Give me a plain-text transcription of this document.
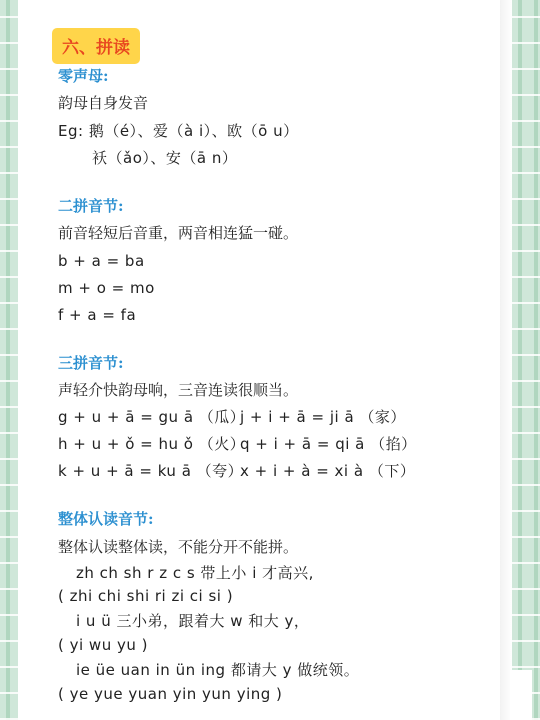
六、拼读
零声母:
韵母自身发音
Eg: 鹅（é）、爱（à i）、欧（ō u）
袄（ǎo）、安（ā n）
二拼音节:
前音轻短后音重，两音相连猛一碰。
b + a = ba
m + o = mo
f + a = fa
三拼音节:
声轻介快韵母响，三音连读很顺当。
g + u + ā = gu ā （瓜）
j + i + ā = ji ā （家）
h + u + ǒ = hu ǒ （火）
q + i + ā = qi ā （掐）
k + u + ā = ku ā （夸）
x + i + à = xi à （下）
整体认读音节:
整体认读整体读，不能分开不能拼。
zh ch sh r z c s 带上小 i 才高兴,
( zhi chi shi ri zi ci si )
i u ü 三小弟，跟着大 w 和大 y，
( yi wu yu )
ie üe uan in ün ing 都请大 y 做统领。
( ye yue yuan yin yun ying )
